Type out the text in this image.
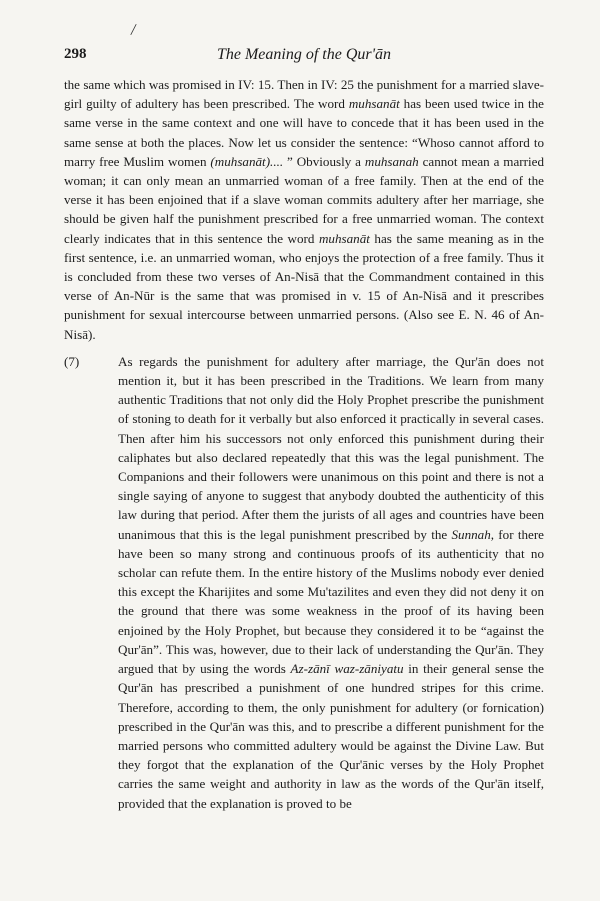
/
298	The Meaning of the Qur'ān

the same which was promised in IV: 15. Then in IV: 25 the punishment for a married slave-girl guilty of adultery has been prescribed. The word muhsanāt has been used twice in the same verse in the same context and one will have to concede that it has been used in the same sense at both the places. Now let us consider the sentence: “Whoso cannot afford to marry free Muslim women (muhsanāt).... ” Obviously a muhsanah cannot mean a married woman; it can only mean an unmarried woman of a free family. Then at the end of the verse it has been enjoined that if a slave woman commits adultery after her marriage, she should be given half the punishment prescribed for a free unmarried woman. The context clearly indicates that in this sentence the word muhsanāt has the same meaning as in the first sentence, i.e. an unmarried woman, who enjoys the protection of a free family. Thus it is concluded from these two verses of An-Nisā that the Commandment contained in this verse of An-Nūr is the same that was promised in v. 15 of An-Nisā and it prescribes punishment for sexual intercourse between unmarried persons. (Also see E. N. 46 of An-Nisā).

(7)	As regards the punishment for adultery after marriage, the Qur'ān does not mention it, but it has been prescribed in the Traditions. We learn from many authentic Traditions that not only did the Holy Prophet prescribe the punishment of stoning to death for it verbally but also enforced it practically in several cases. Then after him his successors not only enforced this punishment during their caliphates but also declared repeatedly that this was the legal punishment. The Companions and their followers were unanimous on this point and there is not a single saying of anyone to suggest that anybody doubted the authenticity of this law during that period. After them the jurists of all ages and countries have been unanimous that this is the legal punishment prescribed by the Sunnah, for there have been so many strong and continuous proofs of its authenticity that no scholar can refute them. In the entire history of the Muslims nobody ever denied this except the Kharijites and some Mu'tazilites and even they did not deny it on the ground that there was some weakness in the proof of its having been enjoined by the Holy Prophet, but because they considered it to be “against the Qur'ān”. This was, however, due to their lack of understanding the Qur'ān. They argued that by using the words Az-zānī waz-zāniyatu in their general sense the Qur'ān has prescribed a punishment of one hundred stripes for this crime. Therefore, according to them, the only punishment for adultery (or fornication) prescribed in the Qur'ān was this, and to prescribe a different punishment for the married persons who committed adultery would be against the Divine Law. But they forgot that the explanation of the Qur'ānic verses by the Holy Prophet carries the same weight and authority in law as the words of the Qur'ān itself, provided that the explanation is proved to be
